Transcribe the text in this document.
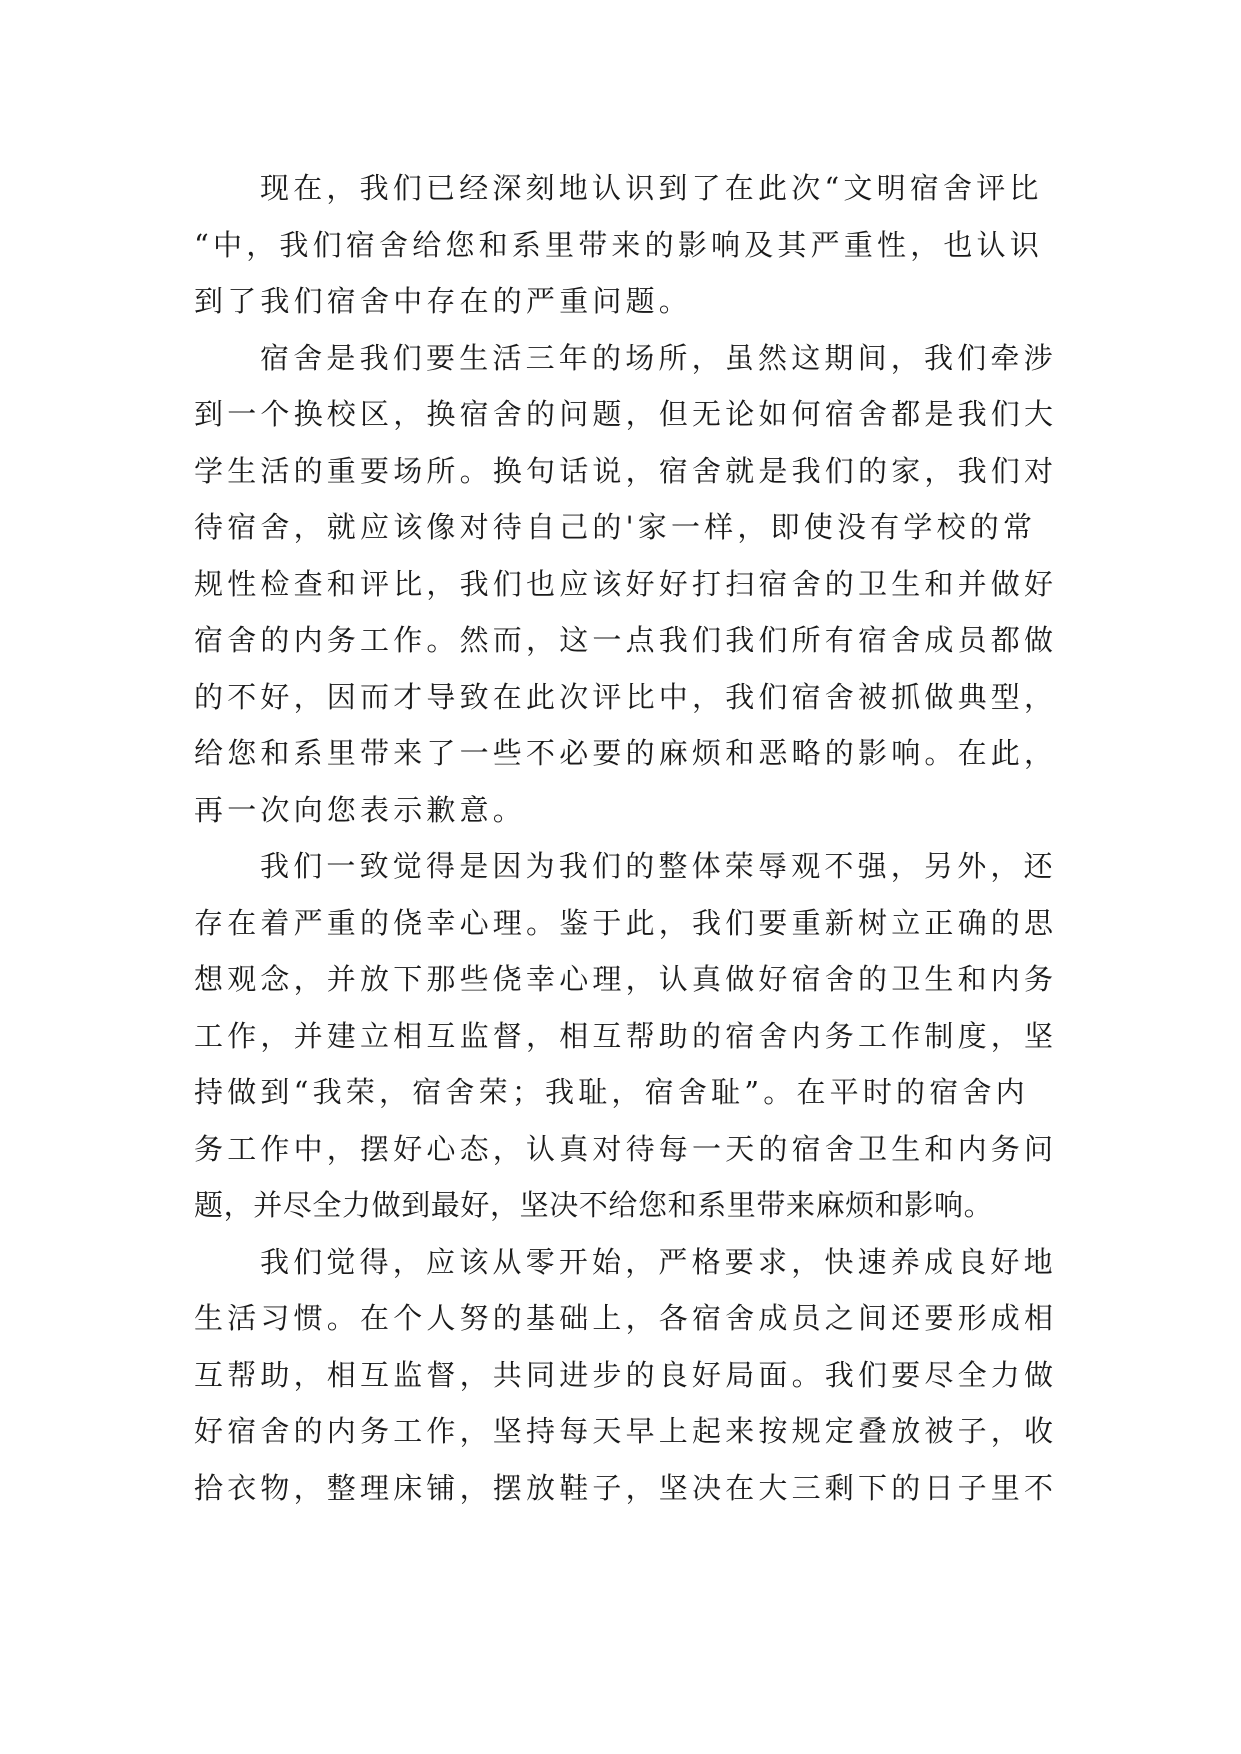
现在，我们已经深刻地认识到了在此次“文明宿舍评比
“中，我们宿舍给您和系里带来的影响及其严重性，也认识
到了我们宿舍中存在的严重问题。

宿舍是我们要生活三年的场所，虽然这期间，我们牵涉
到一个换校区，换宿舍的问题，但无论如何宿舍都是我们大
学生活的重要场所。换句话说，宿舍就是我们的家，我们对
待宿舍，就应该像对待自己的'家一样，即使没有学校的常
规性检查和评比，我们也应该好好打扫宿舍的卫生和并做好
宿舍的内务工作。然而，这一点我们我们所有宿舍成员都做
的不好，因而才导致在此次评比中，我们宿舍被抓做典型，
给您和系里带来了一些不必要的麻烦和恶略的影响。在此，
再一次向您表示歉意。

我们一致觉得是因为我们的整体荣辱观不强，另外，还
存在着严重的侥幸心理。鉴于此，我们要重新树立正确的思
想观念，并放下那些侥幸心理，认真做好宿舍的卫生和内务
工作，并建立相互监督，相互帮助的宿舍内务工作制度，坚
持做到“我荣，宿舍荣；我耻，宿舍耻”。在平时的宿舍内
务工作中，摆好心态，认真对待每一天的宿舍卫生和内务问
题，并尽全力做到最好，坚决不给您和系里带来麻烦和影响。

我们觉得，应该从零开始，严格要求，快速养成良好地
生活习惯。在个人努的基础上，各宿舍成员之间还要形成相
互帮助，相互监督，共同进步的良好局面。我们要尽全力做
好宿舍的内务工作，坚持每天早上起来按规定叠放被子，收
拾衣物，整理床铺，摆放鞋子，坚决在大三剩下的日子里不
